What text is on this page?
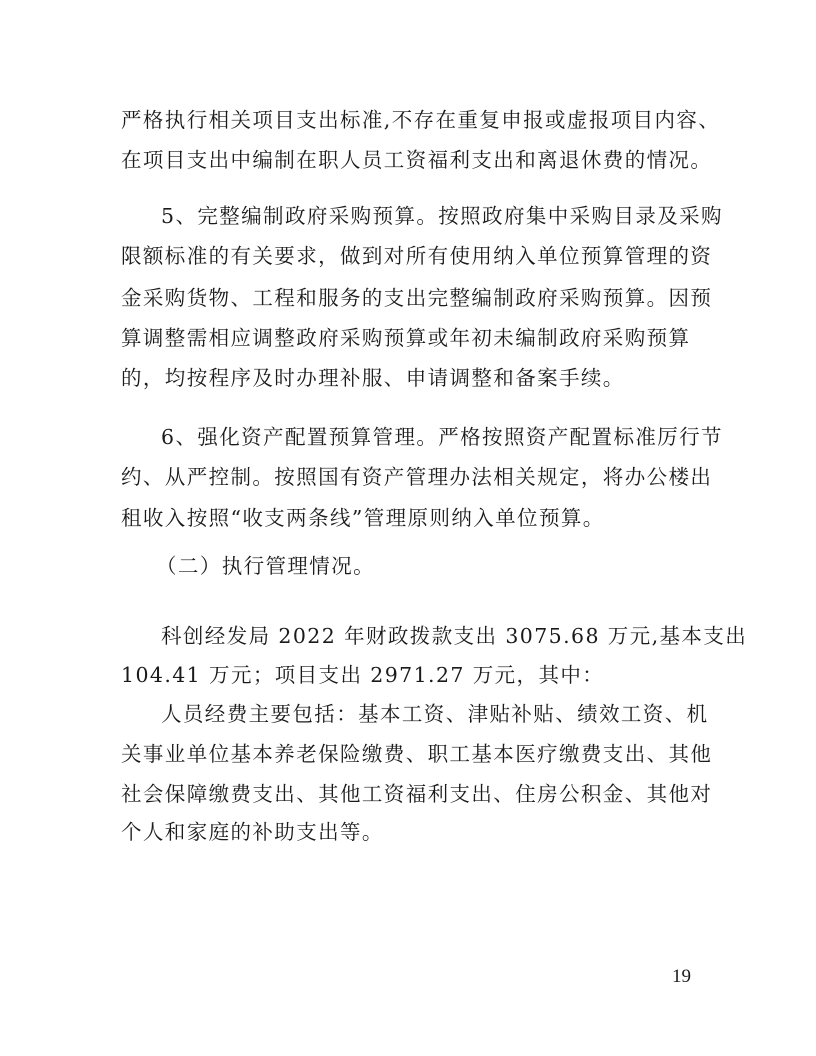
严格执行相关项目支出标准,不存在重复申报或虚报项目内容、
在项目支出中编制在职人员工资福利支出和离退休费的情况。
5、完整编制政府采购预算。按照政府集中采购目录及采购
限额标准的有关要求，做到对所有使用纳入单位预算管理的资
金采购货物、工程和服务的支出完整编制政府采购预算。因预
算调整需相应调整政府采购预算或年初未编制政府采购预算
的，均按程序及时办理补服、申请调整和备案手续。
6、强化资产配置预算管理。严格按照资产配置标准厉行节
约、从严控制。按照国有资产管理办法相关规定，将办公楼出
租收入按照“收支两条线”管理原则纳入单位预算。
（二）执行管理情况。
科创经发局 2022 年财政拨款支出 3075.68 万元,基本支出
104.41 万元；项目支出 2971.27 万元，其中：
人员经费主要包括：基本工资、津贴补贴、绩效工资、机
关事业单位基本养老保险缴费、职工基本医疗缴费支出、其他
社会保障缴费支出、其他工资福利支出、住房公积金、其他对
个人和家庭的补助支出等。
19
